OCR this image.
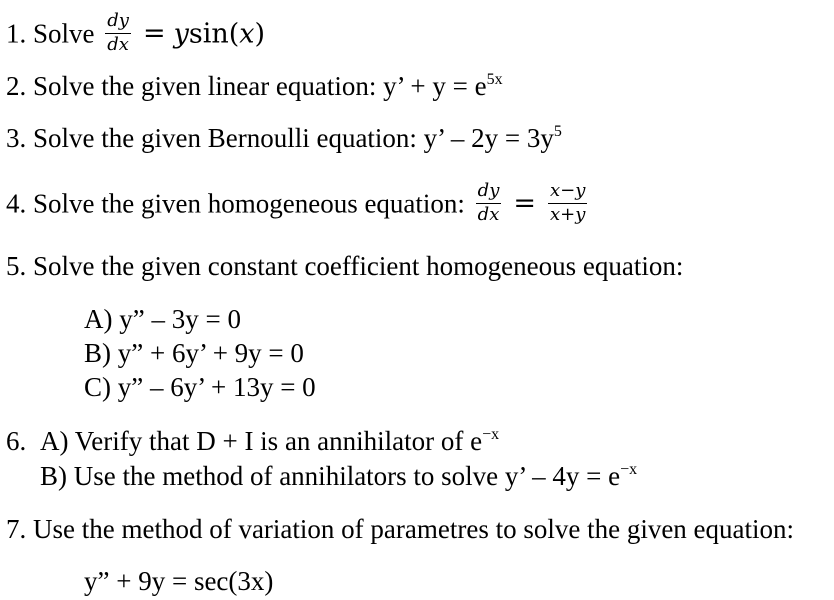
1. Solve $\frac{dy}{dx} = ysin(x)$
2. Solve the given linear equation: y’ + $y = e^{5x}$
3. Solve the given Bernoulli equation: y’ – $2y = 3y^5$
4. Solve the given homogeneous equation: $\frac{dy}{dx} = \frac{x-y}{x+y}$
5. Solve the given constant coefficient homogeneous equation:
A) y” – 3y = 0
B) y” + 6y’ + 9y = 0
C) y” – 6y’ + 13y = 0
6. A) Verify that D + I is an annihilator of $e^{-x}$
B) Use the method of annihilators to solve y’ – $4y = e^{-x}$
7. Use the method of variation of parametres to solve the given equation:
y” + 9y = sec(3x)
